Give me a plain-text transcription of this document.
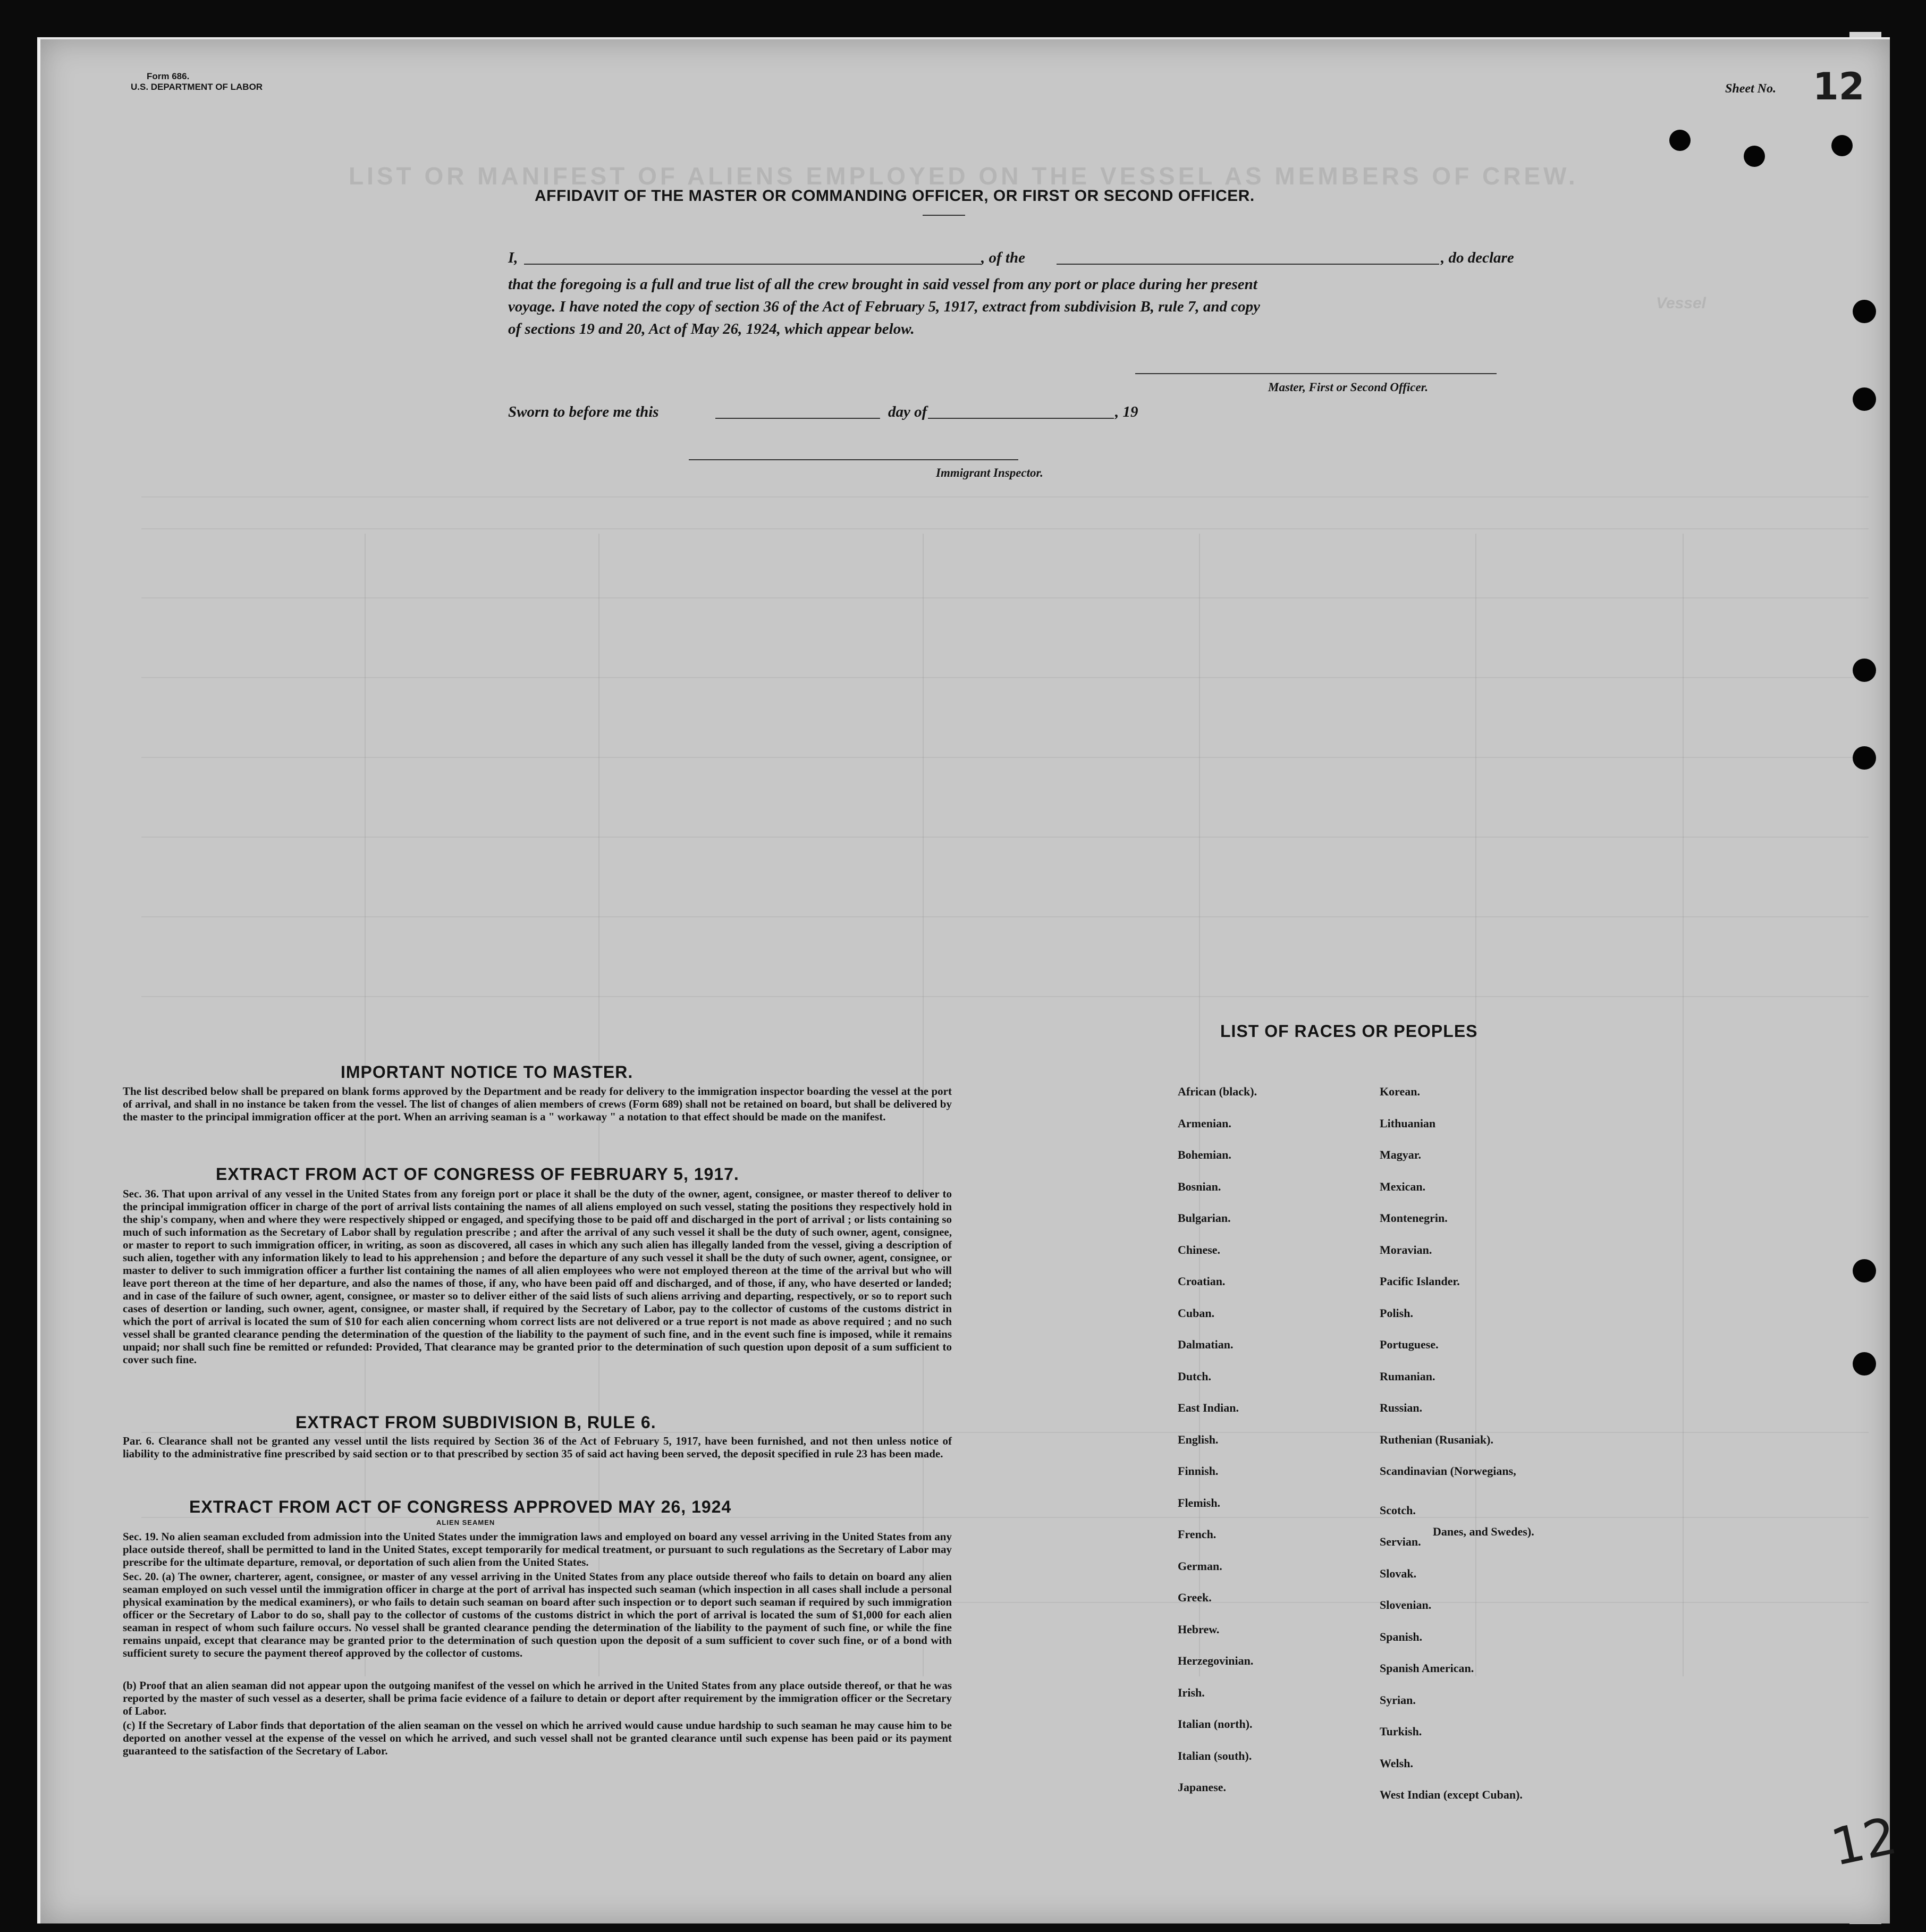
LIST OR MANIFEST OF ALIENS EMPLOYED ON THE VESSEL AS MEMBERS OF CREW.
Vessel
Form 686.
U.S. DEPARTMENT OF LABOR	Sheet No. 12
AFFIDAVIT OF THE MASTER OR COMMANDING OFFICER, OR FIRST OR SECOND OFFICER.
I,	, of the	, do declare
that the foregoing is a full and true list of all the crew brought in said vessel from any port or place during her present
voyage. I have noted the copy of section 36 of the Act of February 5, 1917, extract from subdivision B, rule 7, and copy
of sections 19 and 20, Act of May 26, 1924, which appear below.
Master, First or Second Officer.
Sworn to before me this	day of	, 19
Immigrant Inspector.
IMPORTANT NOTICE TO MASTER.
The list described below shall be prepared on blank forms approved by the Department and be ready for delivery to the immigration inspector boarding the vessel at the port of arrival, and shall in no instance be taken from the vessel. The list of changes of alien members of crews (Form 689) shall not be retained on board, but shall be delivered by the master to the principal immigration officer at the port. When an arriving seaman is a " workaway " a notation to that effect should be made on the manifest.
EXTRACT FROM ACT OF CONGRESS OF FEBRUARY 5, 1917.
Sec. 36. That upon arrival of any vessel in the United States from any foreign port or place it shall be the duty of the owner, agent, consignee, or master thereof to deliver to the principal immigration officer in charge of the port of arrival lists containing the names of all aliens employed on such vessel, stating the positions they respectively hold in the ship's company, when and where they were respectively shipped or engaged, and specifying those to be paid off and discharged in the port of arrival ; or lists containing so much of such information as the Secretary of Labor shall by regulation prescribe ; and after the arrival of any such vessel it shall be the duty of such owner, agent, consignee, or master to report to such immigration officer, in writing, as soon as discovered, all cases in which any such alien has illegally landed from the vessel, giving a description of such alien, together with any information likely to lead to his apprehension ; and before the departure of any such vessel it shall be the duty of such owner, agent, consignee, or master to deliver to such immigration officer a further list containing the names of all alien employees who were not employed thereon at the time of the arrival but who will leave port thereon at the time of her departure, and also the names of those, if any, who have been paid off and discharged, and of those, if any, who have deserted or landed; and in case of the failure of such owner, agent, consignee, or master so to deliver either of the said lists of such aliens arriving and departing, respectively, or so to report such cases of desertion or landing, such owner, agent, consignee, or master shall, if required by the Secretary of Labor, pay to the collector of customs of the customs district in which the port of arrival is located the sum of $10 for each alien concerning whom correct lists are not delivered or a true report is not made as above required ; and no such vessel shall be granted clearance pending the determination of the question of the liability to the payment of such fine, and in the event such fine is imposed, while it remains unpaid; nor shall such fine be remitted or refunded: Provided, That clearance may be granted prior to the determination of such question upon deposit of a sum sufficient to cover such fine.
EXTRACT FROM SUBDIVISION B, RULE 6.
Par. 6. Clearance shall not be granted any vessel until the lists required by Section 36 of the Act of February 5, 1917, have been furnished, and not then unless notice of liability to the administrative fine prescribed by said section or to that prescribed by section 35 of said act having been served, the deposit specified in rule 23 has been made.
EXTRACT FROM ACT OF CONGRESS APPROVED MAY 26, 1924
ALIEN SEAMEN
Sec. 19. No alien seaman excluded from admission into the United States under the immigration laws and employed on board any vessel arriving in the United States from any place outside thereof, shall be permitted to land in the United States, except temporarily for medical treatment, or pursuant to such regulations as the Secretary of Labor may prescribe for the ultimate departure, removal, or deportation of such alien from the United States.
Sec. 20. (a) The owner, charterer, agent, consignee, or master of any vessel arriving in the United States from any place outside thereof who fails to detain on board any alien seaman employed on such vessel until the immigration officer in charge at the port of arrival has inspected such seaman (which inspection in all cases shall include a personal physical examination by the medical examiners), or who fails to detain such seaman on board after such inspection or to deport such seaman if required by such immigration officer or the Secretary of Labor to do so, shall pay to the collector of customs of the customs district in which the port of arrival is located the sum of $1,000 for each alien seaman in respect of whom such failure occurs. No vessel shall be granted clearance pending the determination of the liability to the payment of such fine, or while the fine remains unpaid, except that clearance may be granted prior to the determination of such question upon the deposit of a sum sufficient to cover such fine, or of a bond with sufficient surety to secure the payment thereof approved by the collector of customs.
(b) Proof that an alien seaman did not appear upon the outgoing manifest of the vessel on which he arrived in the United States from any place outside thereof, or that he was reported by the master of such vessel as a deserter, shall be prima facie evidence of a failure to detain or deport after requirement by the immigration officer or the Secretary of Labor.
(c) If the Secretary of Labor finds that deportation of the alien seaman on the vessel on which he arrived would cause undue hardship to such seaman he may cause him to be deported on another vessel at the expense of the vessel on which he arrived, and such vessel shall not be granted clearance until such expense has been paid or its payment guaranteed to the satisfaction of the Secretary of Labor.
LIST OF RACES OR PEOPLES
African (black).
Armenian.
Bohemian.
Bosnian.
Bulgarian.
Chinese.
Croatian.
Cuban.
Dalmatian.
Dutch.
East Indian.
English.
Finnish.
Flemish.
French.
German.
Greek.
Hebrew.
Herzegovinian.
Irish.
Italian (north).
Italian (south).
Japanese.
Korean.
Lithuanian
Magyar.
Mexican.
Montenegrin.
Moravian.
Pacific Islander.
Polish.
Portuguese.
Rumanian.
Russian.
Ruthenian (Rusaniak).
Scandinavian (Norwegians,
Scotch.
Servian.
Slovak.
Slovenian.
Spanish.
Spanish American.
Syrian.
Turkish.
Welsh.
West Indian (except Cuban).
Danes, and Swedes).
12
